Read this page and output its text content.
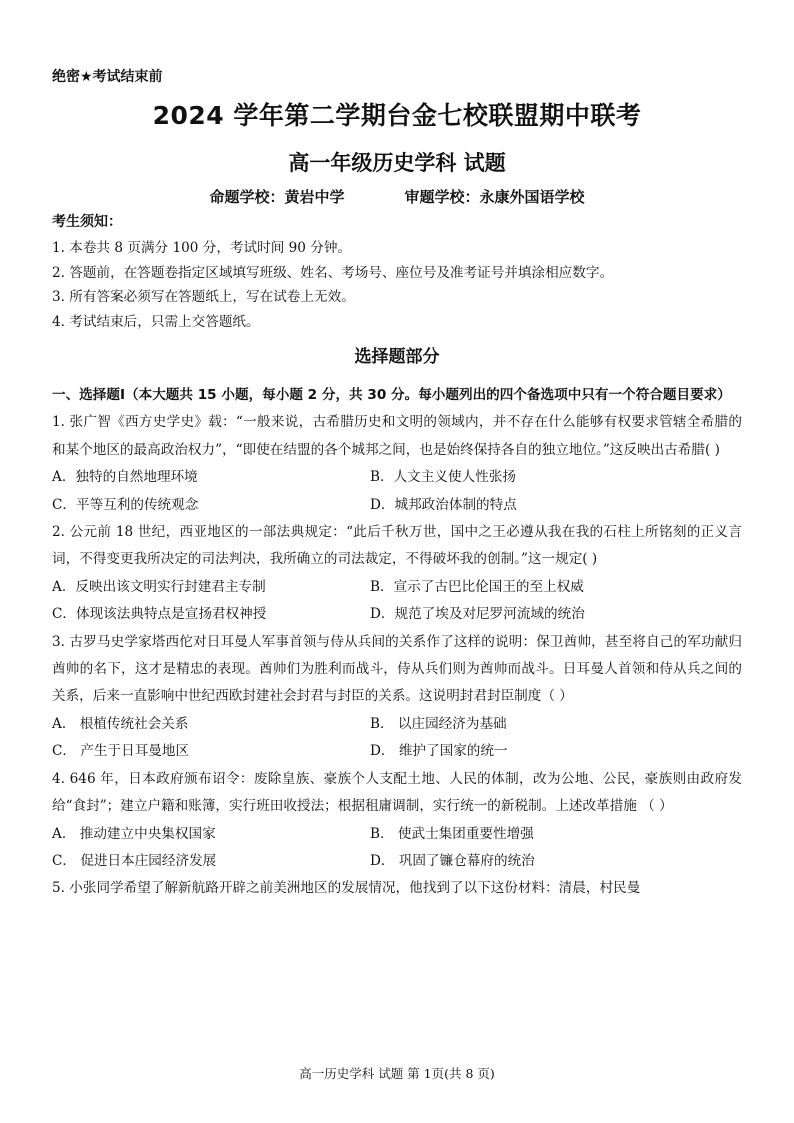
绝密★考试结束前
2024 学年第二学期台金七校联盟期中联考
高一年级历史学科 试题
命题学校：黄岩中学	审题学校：永康外国语学校
考生须知：
1. 本卷共 8 页满分 100 分，考试时间 90 分钟。
2. 答题前，在答题卷指定区域填写班级、姓名、考场号、座位号及准考证号并填涂相应数字。
3. 所有答案必须写在答题纸上，写在试卷上无效。
4. 考试结束后，只需上交答题纸。
选择题部分
一、选择题Ⅰ（本大题共 15 小题，每小题 2 分，共 30 分。每小题列出的四个备选项中只有一个符合题目要求）
1. 张广智《西方史学史》载：“一般来说，古希腊历史和文明的领域内，并不存在什么能够有权要求管辖全希腊的和某个地区的最高政治权力”，“即使在结盟的各个城邦之间，也是始终保持各自的独立地位。”这反映出古希腊( )
A．独特的自然地理环境	B．人文主义使人性张扬
C．平等互利的传统观念	D．城邦政治体制的特点
2. 公元前 18 世纪，西亚地区的一部法典规定：“此后千秋万世，国中之王必遵从我在我的石柱上所铭刻的正义言词，不得变更我所决定的司法判决，我所确立的司法裁定，不得破坏我的创制。”这一规定( )
A．反映出该文明实行封建君主专制	B．宣示了古巴比伦国王的至上权威
C．体现该法典特点是宣扬君权神授	D．规范了埃及对尼罗河流域的统治
3. 古罗马史学家塔西佗对日耳曼人军事首领与侍从兵间的关系作了这样的说明：保卫酋帅，甚至将自己的军功献归酋帅的名下，这才是精忠的表现。酋帅们为胜利而战斗，侍从兵们则为酋帅而战斗。日耳曼人首领和侍从兵之间的关系，后来一直影响中世纪西欧封建社会封君与封臣的关系。这说明封君封臣制度（ ）
A． 根植传统社会关系	B． 以庄园经济为基础
C． 产生于日耳曼地区	D． 维护了国家的统一
4. 646 年，日本政府颁布诏令：废除皇族、豪族个人支配土地、人民的体制，改为公地、公民，豪族则由政府发给“食封”；建立户籍和账簿，实行班田收授法；根据租庸调制，实行统一的新税制。上述改革措施 （ ）
A． 推动建立中央集权国家	B． 使武士集团重要性增强
C． 促进日本庄园经济发展	D． 巩固了镰仓幕府的统治
5. 小张同学希望了解新航路开辟之前美洲地区的发展情况，他找到了以下这份材料：清晨，村民曼
高一历史学科 试题 第 1页(共 8 页)
